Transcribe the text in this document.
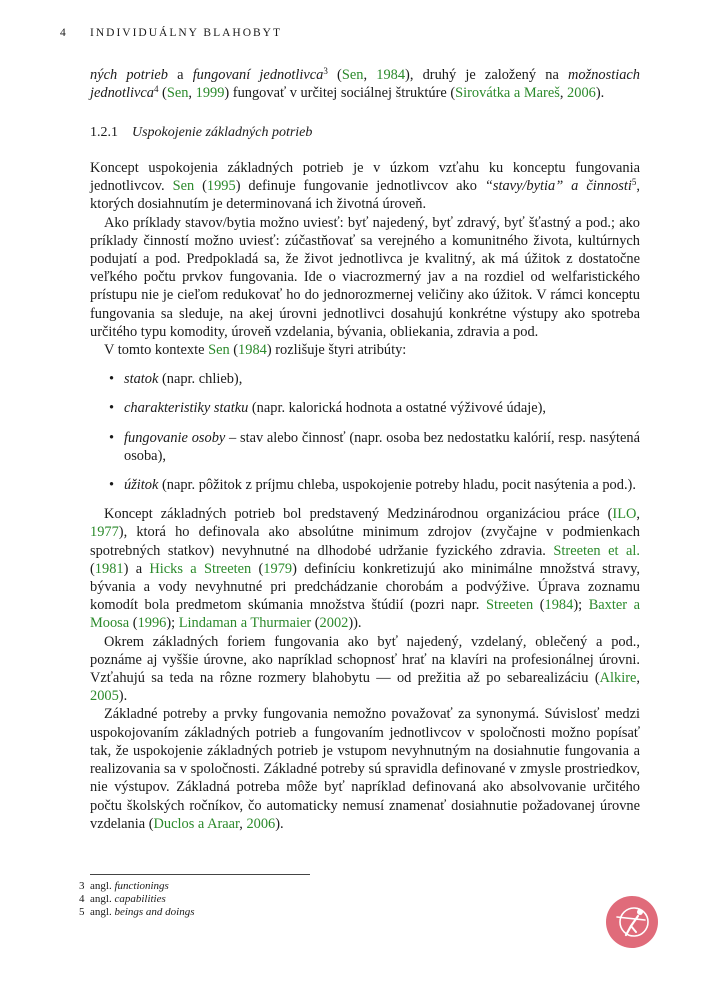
4 INDIVIDUÁLNY BLAHOBYT

ných potrieb a fungovaní jednotlivca$^3$ (Sen, 1984), druhý je založený na možnostiach jednotlivca$^4$ (Sen, 1999) fungovať v určitej sociálnej štruktúre (Sirovátka a Mareš, 2006).

1.2.1 Uspokojenie základných potrieb

Koncept uspokojenia základných potrieb je v úzkom vzťahu ku konceptu fungovania jednotlivcov. Sen (1995) definuje fungovanie jednotlivcov ako “stavy/bytia” a činnosti$^5$, ktorých dosiahnutím je determinovaná ich životná úroveň.

Ako príklady stavov/bytia možno uviesť: byť najedený, byť zdravý, byť šťastný a pod.; ako príklady činností možno uviesť: zúčastňovať sa verejného a komunitného života, kultúrnych podujatí a pod. Predpokladá sa, že život jednotlivca je kvalitný, ak má úžitok z dostatočne veľkého počtu prvkov fungovania. Ide o viacrozmerný jav a na rozdiel od welfaristického prístupu nie je cieľom redukovať ho do jednorozmernej veličiny ako úžitok. V rámci konceptu fungovania sa sleduje, na akej úrovni jednotlivci dosahujú konkrétne výstupy ako spotreba určitého typu komodity, úroveň vzdelania, bývania, obliekania, zdravia a pod.

V tomto kontexte Sen (1984) rozlišuje štyri atribúty:

• statok (napr. chlieb),
• charakteristiky statku (napr. kalorická hodnota a ostatné výživové údaje),
• fungovanie osoby – stav alebo činnosť (napr. osoba bez nedostatku kalórií, resp. nasýtená osoba),
• úžitok (napr. pôžitok z príjmu chleba, uspokojenie potreby hladu, pocit nasýtenia a pod.).

Koncept základných potrieb bol predstavený Medzinárodnou organizáciou práce (ILO, 1977), ktorá ho definovala ako absolútne minimum zdrojov (zvyčajne v podmienkach spotrebných statkov) nevyhnutné na dlhodobé udržanie fyzického zdravia. Streeten et al. (1981) a Hicks a Streeten (1979) definíciu konkretizujú ako minimálne množstvá stravy, bývania a vody nevyhnutné pri predchádzanie chorobám a podvýžive. Úprava zoznamu komodít bola predmetom skúmania množstva štúdií (pozri napr. Streeten (1984); Baxter a Moosa (1996); Lindaman a Thurmaier (2002)).

Okrem základných foriem fungovania ako byť najedený, vzdelaný, oblečený a pod., poznáme aj vyššie úrovne, ako napríklad schopnosť hrať na klavíri na profesionálnej úrovni. Vzťahujú sa teda na rôzne rozmery blahobytu — od prežitia až po sebarealizáciu (Alkire, 2005).

Základné potreby a prvky fungovania nemožno považovať za synonymá. Súvislosť medzi uspokojovaním základných potrieb a fungovaním jednotlivcov v spoločnosti možno popísať tak, že uspokojenie základných potrieb je vstupom nevyhnutným na dosiahnutie fungovania a realizovania sa v spoločnosti. Základné potreby sú spravidla definované v zmysle prostriedkov, nie výstupov. Základná potreba môže byť napríklad definovaná ako absolvovanie určitého počtu školských ročníkov, čo automaticky nemusí znamenať dosiahnutie požadovanej úrovne vzdelania (Duclos a Araar, 2006).

3 angl. functionings
4 angl. capabilities
5 angl. beings and doings
